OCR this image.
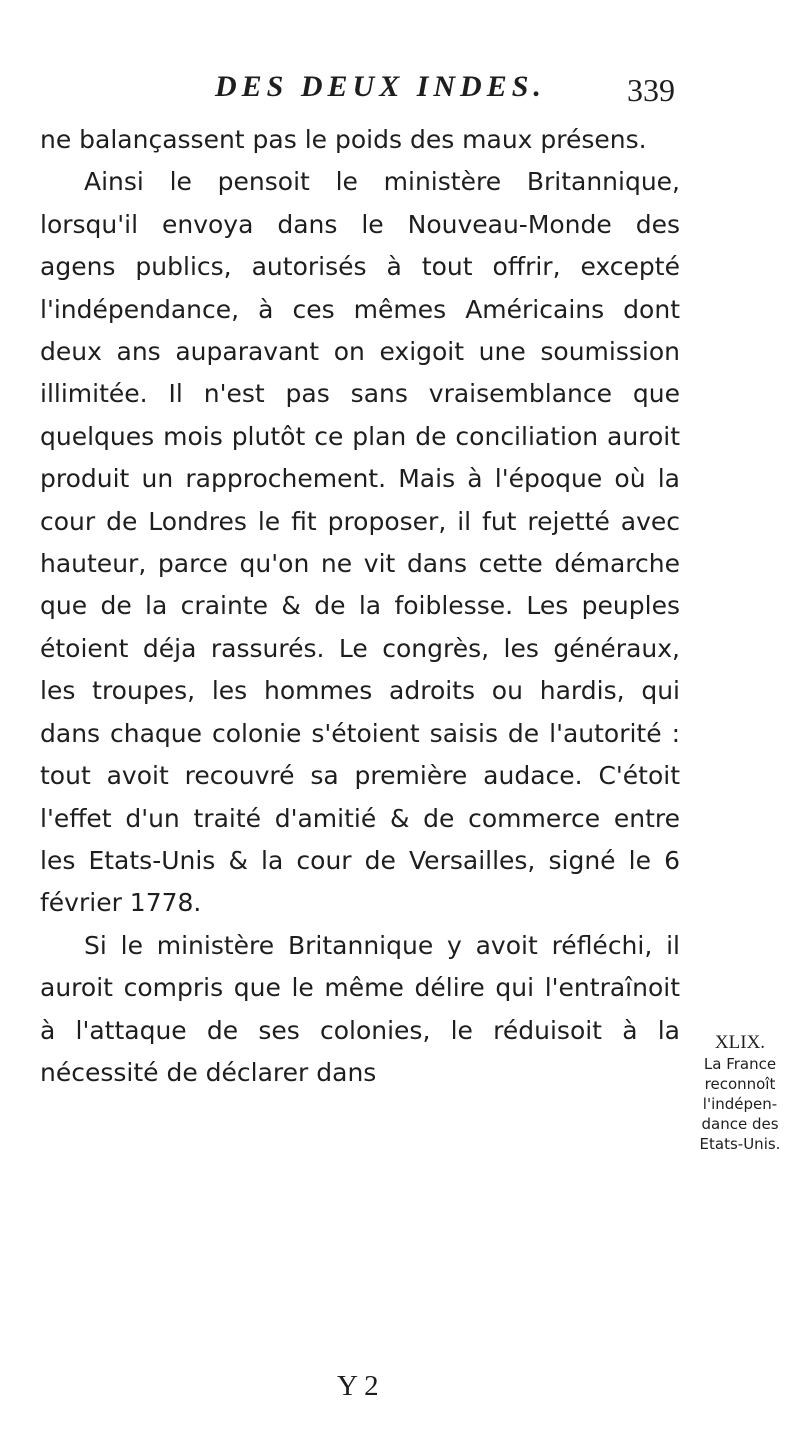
DES DEUX INDES.	339

ne balançassent pas le poids des maux présens.

Ainsi le pensoit le ministère Britannique, lorsqu'il envoya dans le Nouveau-Monde des agens publics, autorisés à tout offrir, excepté l'indépendance, à ces mêmes Américains dont deux ans auparavant on exigoit une soumission illimitée. Il n'est pas sans vraisemblance que quelques mois plutôt ce plan de conciliation auroit produit un rapprochement. Mais à l'époque où la cour de Londres le fit proposer, il fut rejetté avec hauteur, parce qu'on ne vit dans cette démarche que de la crainte & de la foiblesse. Les peuples étoient déja rassurés. Le congrès, les généraux, les troupes, les hommes adroits ou hardis, qui dans chaque colonie s'étoient saisis de l'autorité : tout avoit recouvré sa première audace. C'étoit l'effet d'un traité d'amitié & de commerce entre les Etats-Unis & la cour de Versailles, signé le 6 février 1778.

Si le ministère Britannique y avoit réfléchi, il auroit compris que le même délire qui l'entraînoit à l'attaque de ses colonies, le réduisoit à la nécessité de déclarer dans

XLIX.
La France
reconnoît
l'indépen-
dance des
Etats-Unis.
Y 2
